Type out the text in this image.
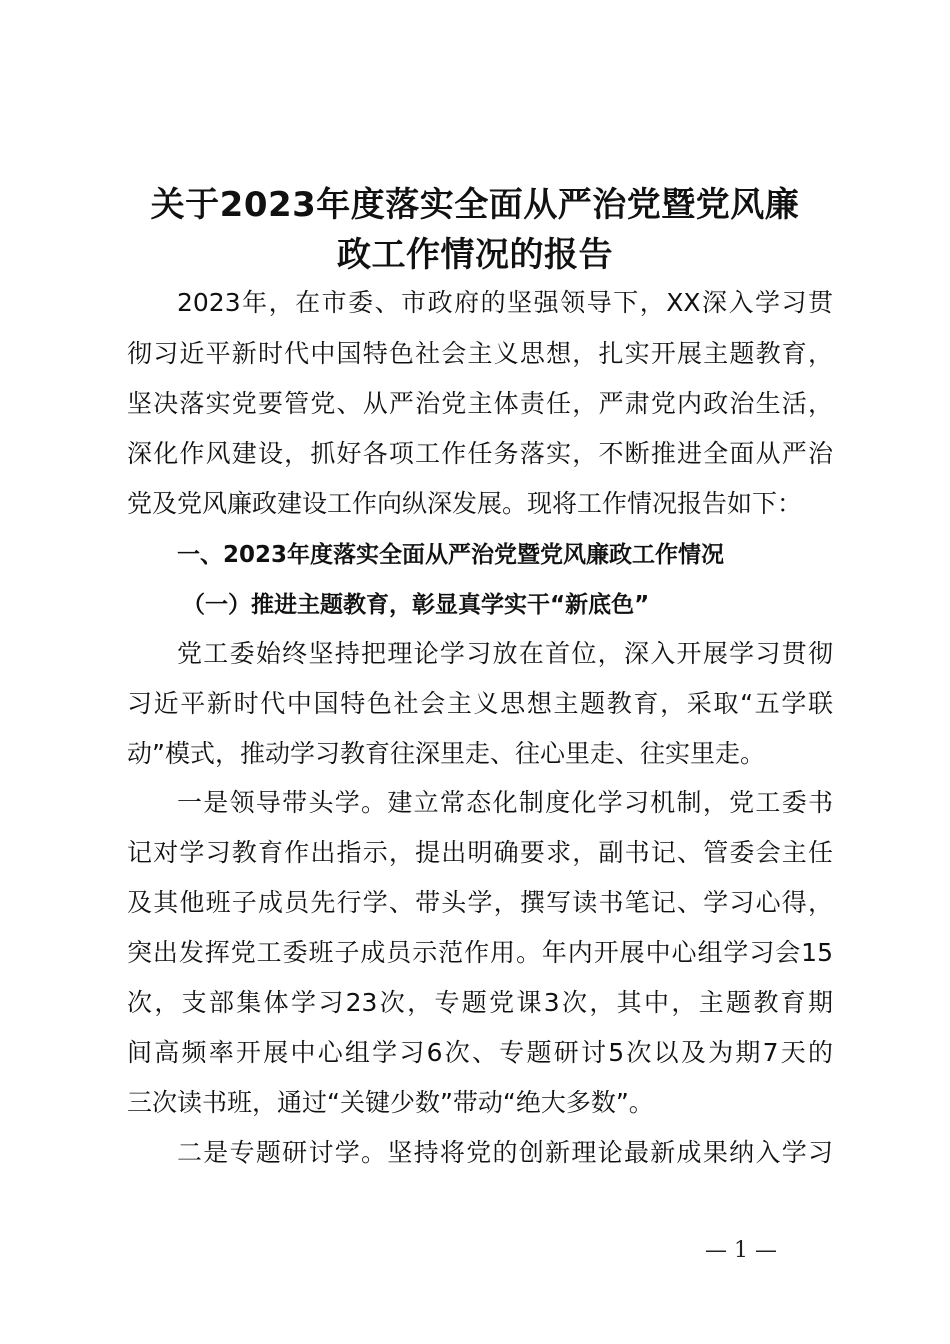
关于2023年度落实全面从严治党暨党风廉
政工作情况的报告
2023年，在市委、市政府的坚强领导下，XX深入学习贯
彻习近平新时代中国特色社会主义思想，扎实开展主题教育，
坚决落实党要管党、从严治党主体责任，严肃党内政治生活，
深化作风建设，抓好各项工作任务落实，不断推进全面从严治
党及党风廉政建设工作向纵深发展。现将工作情况报告如下：
一、2023年度落实全面从严治党暨党风廉政工作情况
（一）推进主题教育，彰显真学实干“新底色”
党工委始终坚持把理论学习放在首位，深入开展学习贯彻
习近平新时代中国特色社会主义思想主题教育，采取“五学联
动”模式，推动学习教育往深里走、往心里走、往实里走。
一是领导带头学。建立常态化制度化学习机制，党工委书
记对学习教育作出指示，提出明确要求，副书记、管委会主任
及其他班子成员先行学、带头学，撰写读书笔记、学习心得，
突出发挥党工委班子成员示范作用。年内开展中心组学习会15
次，支部集体学习23次，专题党课3次，其中，主题教育期
间高频率开展中心组学习6次、专题研讨5次以及为期7天的
三次读书班，通过“关键少数”带动“绝大多数”。
二是专题研讨学。坚持将党的创新理论最新成果纳入学习
— 1 —
